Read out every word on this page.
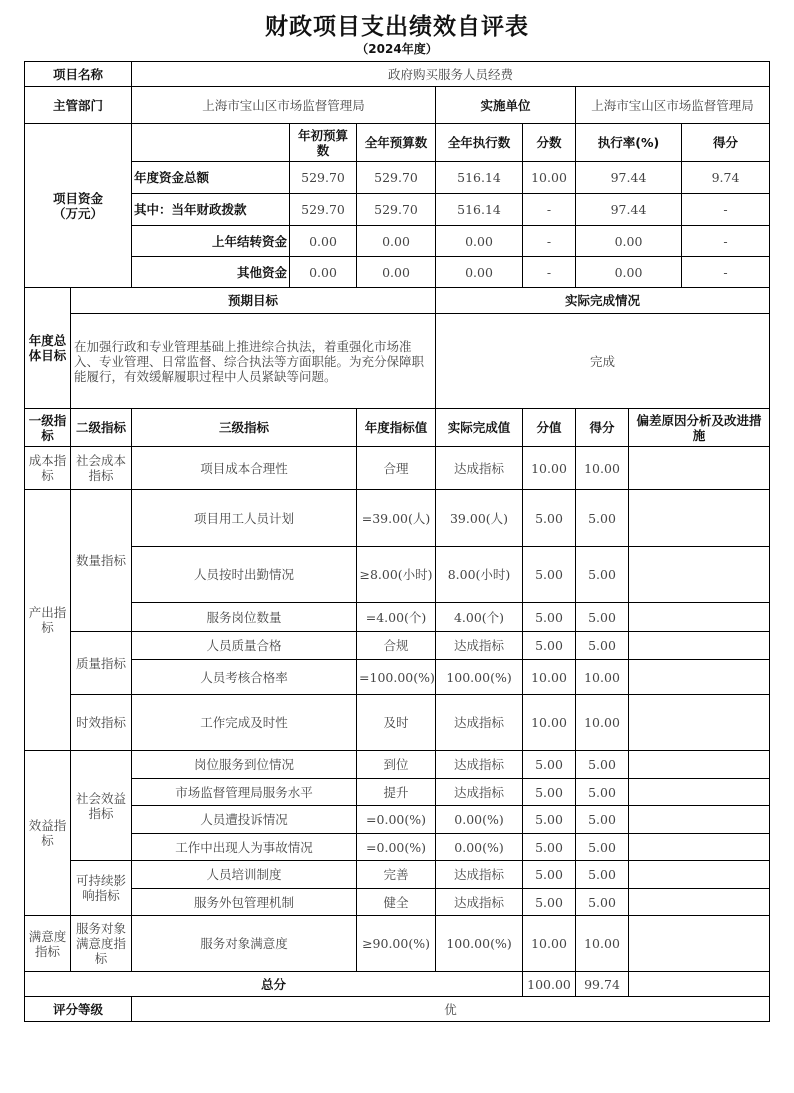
财政项目支出绩效自评表
（2024年度）
项目名称		政府购买服务人员经费							
主管部门		上海市宝山区市场监督管理局			实施单位		上海市宝山区市场监督管理局		
项目资金（万元）			年初预算数	全年预算数	全年执行数	分数	执行率(%)		得分
		年度资金总额	529.70	529.70	516.14	10.00	97.44		9.74
		其中：当年财政拨款	529.70	529.70	516.14	-	97.44		-
		上年结转资金	0.00	0.00	0.00	-	0.00		-
		其他资金	0.00	0.00	0.00	-	0.00		-
年度总体目标	预期目标				实际完成情况				
	在加强行政和专业管理基础上推进综合执法，着重强化市场准入、专业管理、日常监督、综合执法等方面职能。为充分保障职能履行，有效缓解履职过程中人员紧缺等问题。				完成				
一级指标	二级指标	三级指标		年度指标值	实际完成值	分值	得分	偏差原因分析及改进措施	
成本指标	社会成本指标	项目成本合理性		合理	达成指标	10.00	10.00		
产出指标	数量指标	项目用工人员计划		=39.00(人)	39.00(人)	5.00	5.00		
		人员按时出勤情况		≥8.00(小时)	8.00(小时)	5.00	5.00		
		服务岗位数量		=4.00(个)	4.00(个)	5.00	5.00		
	质量指标	人员质量合格		合规	达成指标	5.00	5.00		
		人员考核合格率		=100.00(%)	100.00(%)	10.00	10.00		
	时效指标	工作完成及时性		及时	达成指标	10.00	10.00		
效益指标	社会效益指标	岗位服务到位情况		到位	达成指标	5.00	5.00		
		市场监督管理局服务水平		提升	达成指标	5.00	5.00		
		人员遭投诉情况		=0.00(%)	0.00(%)	5.00	5.00		
		工作中出现人为事故情况		=0.00(%)	0.00(%)	5.00	5.00		
	可持续影响指标	人员培训制度		完善	达成指标	5.00	5.00		
		服务外包管理机制		健全	达成指标	5.00	5.00		
满意度指标	服务对象满意度指标	服务对象满意度		≥90.00(%)	100.00(%)	10.00	10.00		
总分						100.00	99.74		
评分等级		优							
